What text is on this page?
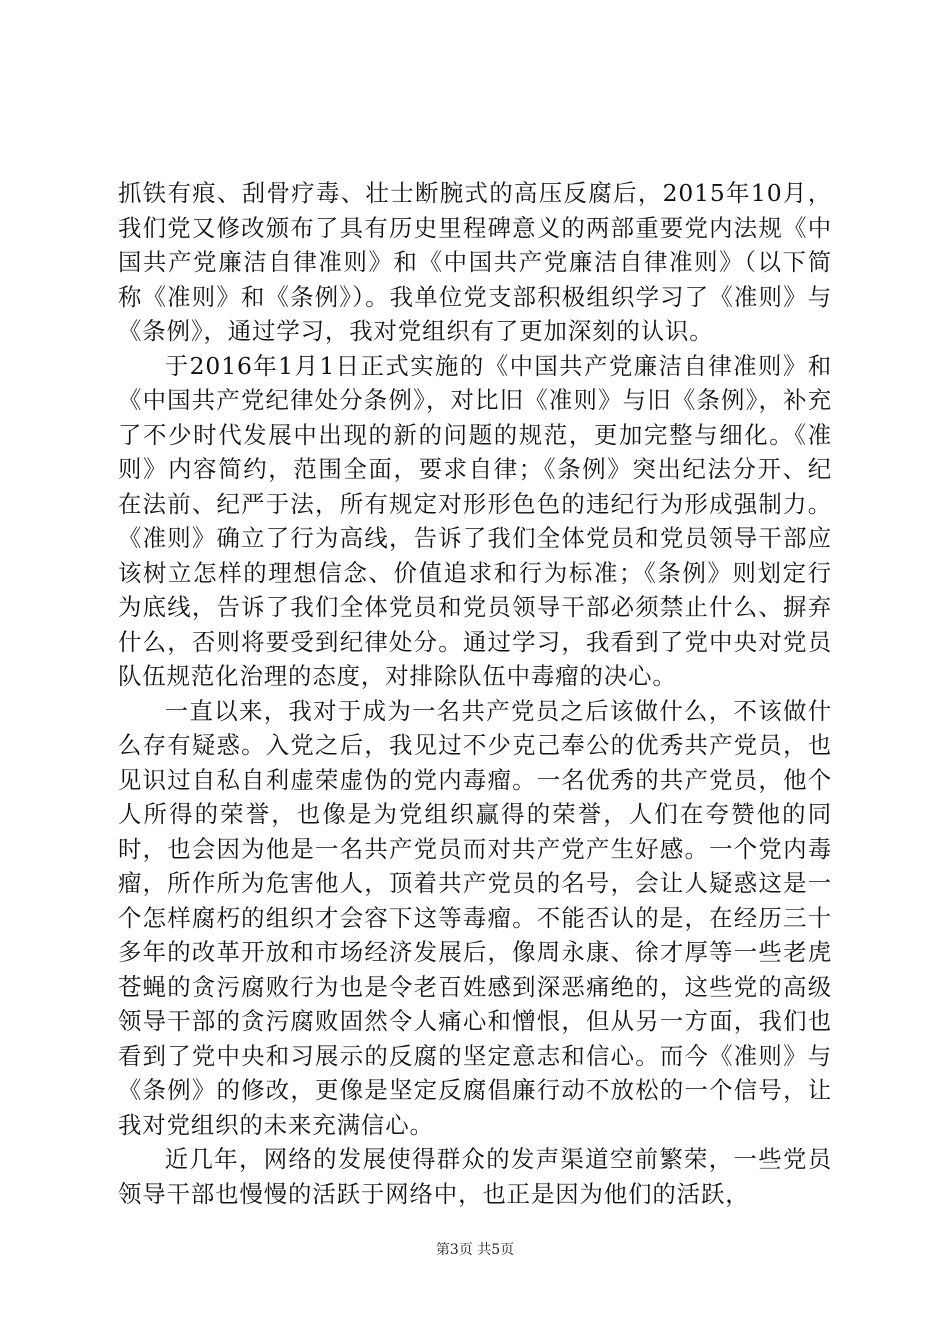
抓铁有痕、刮骨疗毒、壮士断腕式的高压反腐后，2015年10月，我们党又修改颁布了具有历史里程碑意义的两部重要党内法规《中国共产党廉洁自律准则》和《中国共产党廉洁自律准则》（以下简称《准则》和《条例》）。我单位党支部积极组织学习了《准则》与《条例》，通过学习，我对党组织有了更加深刻的认识。

于2016年1月1日正式实施的《中国共产党廉洁自律准则》和《中国共产党纪律处分条例》，对比旧《准则》与旧《条例》，补充了不少时代发展中出现的新的问题的规范，更加完整与细化。《准则》内容简约，范围全面，要求自律；《条例》突出纪法分开、纪在法前、纪严于法，所有规定对形形色色的违纪行为形成强制力。《准则》确立了行为高线，告诉了我们全体党员和党员领导干部应该树立怎样的理想信念、价值追求和行为标准；《条例》则划定行为底线，告诉了我们全体党员和党员领导干部必须禁止什么、摒弃什么，否则将要受到纪律处分。通过学习，我看到了党中央对党员队伍规范化治理的态度，对排除队伍中毒瘤的决心。

一直以来，我对于成为一名共产党员之后该做什么，不该做什么存有疑惑。入党之后，我见过不少克己奉公的优秀共产党员，也见识过自私自利虚荣虚伪的党内毒瘤。一名优秀的共产党员，他个人所得的荣誉，也像是为党组织赢得的荣誉，人们在夸赞他的同时，也会因为他是一名共产党员而对共产党产生好感。一个党内毒瘤，所作所为危害他人，顶着共产党员的名号，会让人疑惑这是一个怎样腐朽的组织才会容下这等毒瘤。不能否认的是，在经历三十多年的改革开放和市场经济发展后，像周永康、徐才厚等一些老虎苍蝇的贪污腐败行为也是令老百姓感到深恶痛绝的，这些党的高级领导干部的贪污腐败固然令人痛心和憎恨，但从另一方面，我们也看到了党中央和习展示的反腐的坚定意志和信心。而今《准则》与《条例》的修改，更像是坚定反腐倡廉行动不放松的一个信号，让我对党组织的未来充满信心。

近几年，网络的发展使得群众的发声渠道空前繁荣，一些党员领导干部也慢慢的活跃于网络中，也正是因为他们的活跃，

第3页 共5页
